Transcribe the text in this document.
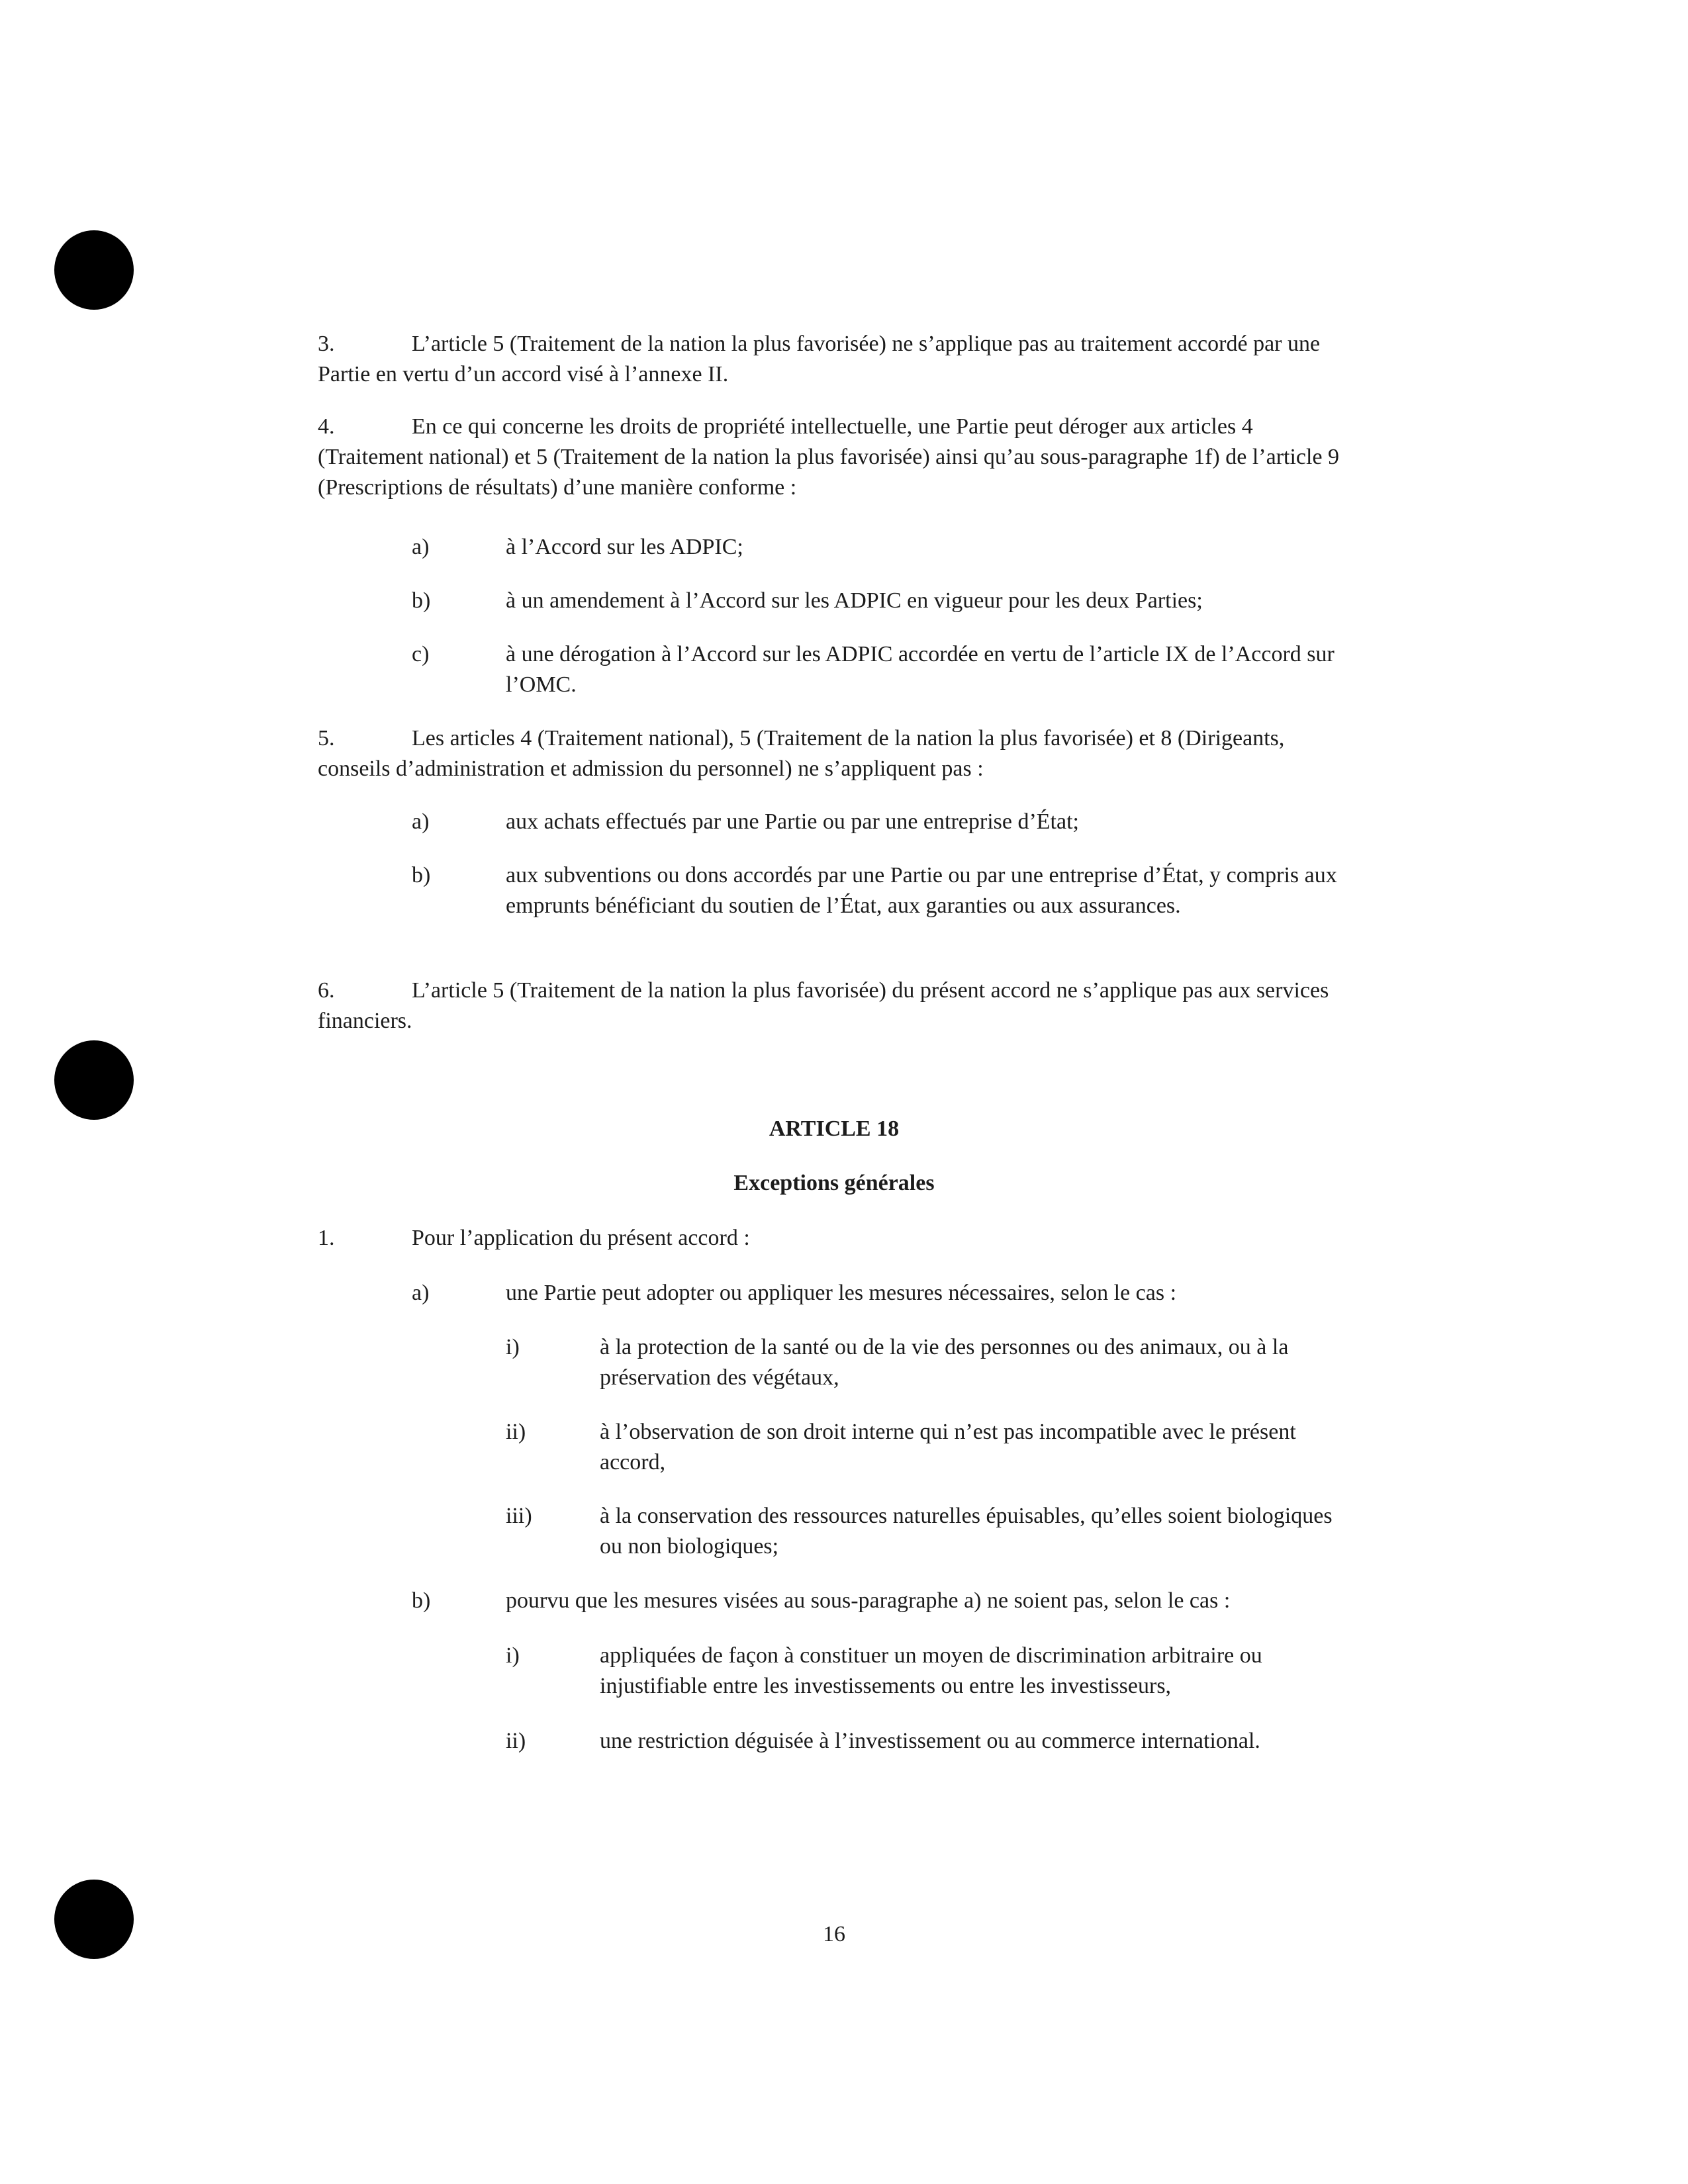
3.	L’article 5 (Traitement de la nation la plus favorisée) ne s’applique pas au traitement accordé par une Partie en vertu d’un accord visé à l’annexe II.

4.	En ce qui concerne les droits de propriété intellectuelle, une Partie peut déroger aux articles 4 (Traitement national) et 5 (Traitement de la nation la plus favorisée) ainsi qu’au sous-paragraphe 1f) de l’article 9 (Prescriptions de résultats) d’une manière conforme :

a)	à l’Accord sur les ADPIC;
b)	à un amendement à l’Accord sur les ADPIC en vigueur pour les deux Parties;
c)	à une dérogation à l’Accord sur les ADPIC accordée en vertu de l’article IX de l’Accord sur l’OMC.

5.	Les articles 4 (Traitement national), 5 (Traitement de la nation la plus favorisée) et 8 (Dirigeants, conseils d’administration et admission du personnel) ne s’appliquent pas :

a)	aux achats effectués par une Partie ou par une entreprise d’État;
b)	aux subventions ou dons accordés par une Partie ou par une entreprise d’État, y compris aux emprunts bénéficiant du soutien de l’État, aux garanties ou aux assurances.

6.	L’article 5 (Traitement de la nation la plus favorisée) du présent accord ne s’applique pas aux services financiers.

ARTICLE 18
Exceptions générales

1.	Pour l’application du présent accord :

a)	une Partie peut adopter ou appliquer les mesures nécessaires, selon le cas :
i)	à la protection de la santé ou de la vie des personnes ou des animaux, ou à la préservation des végétaux,
ii)	à l’observation de son droit interne qui n’est pas incompatible avec le présent accord,
iii)	à la conservation des ressources naturelles épuisables, qu’elles soient biologiques ou non biologiques;
b)	pourvu que les mesures visées au sous-paragraphe a) ne soient pas, selon le cas :
i)	appliquées de façon à constituer un moyen de discrimination arbitraire ou injustifiable entre les investissements ou entre les investisseurs,
ii)	une restriction déguisée à l’investissement ou au commerce international.
16
